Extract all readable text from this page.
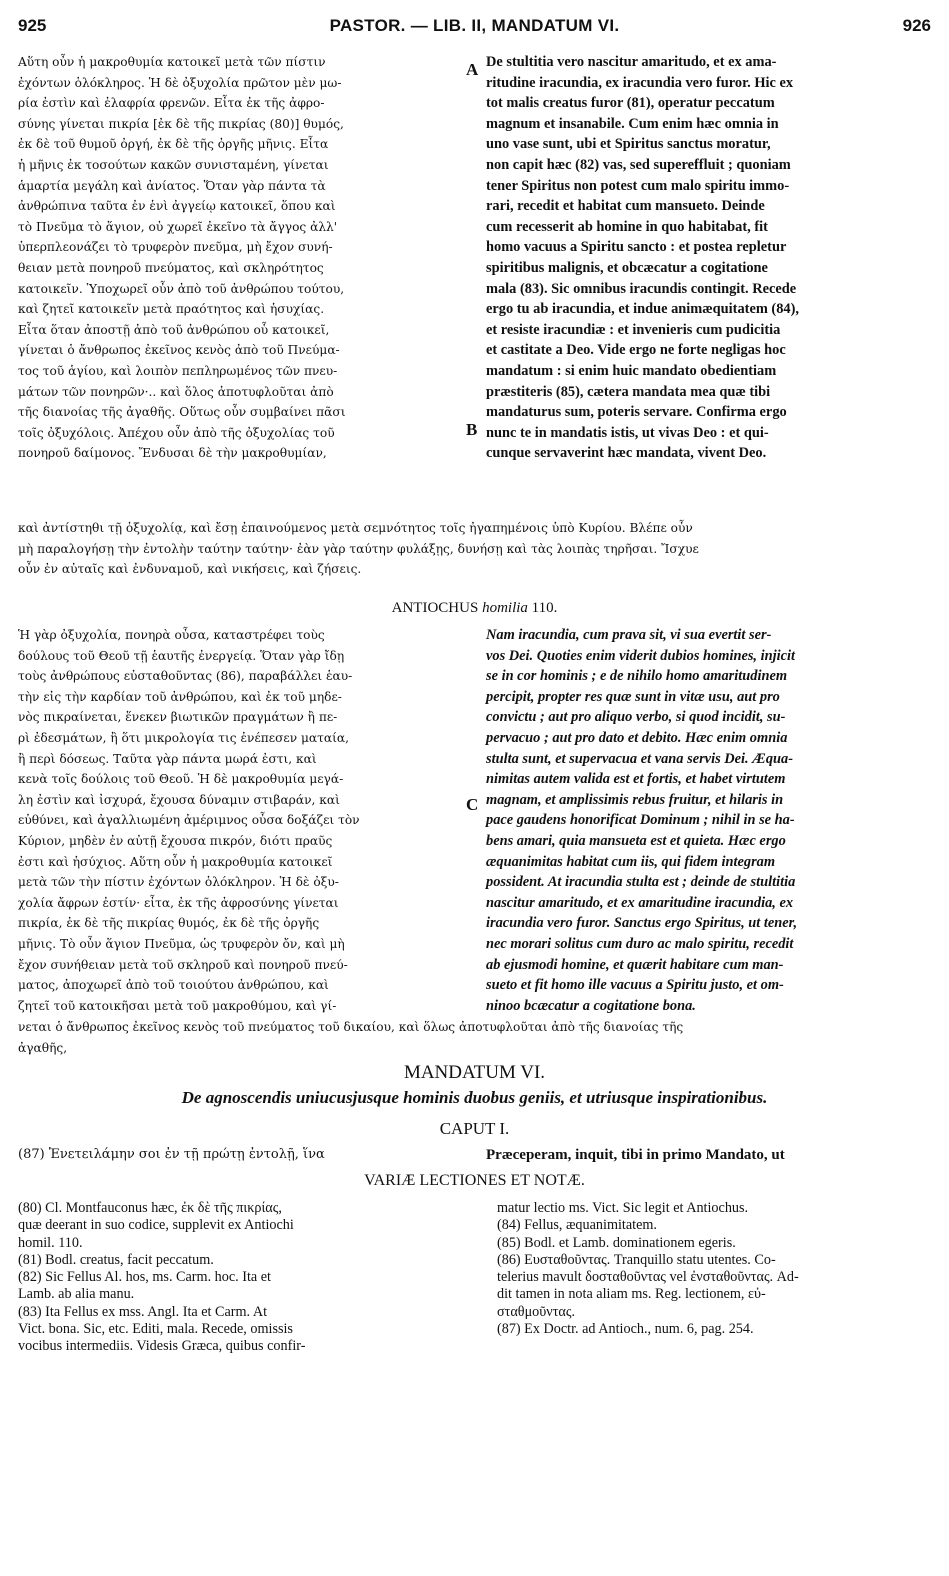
925	PASTOR. — LIB. II, MANDATUM VI.	926
Αὕτη οὖν ἡ μακροθυμία κατοικεῖ μετὰ τῶν πίστιν
ἐχόντων ὁλόκληρος. Ἡ δὲ ὀξυχολία πρῶτον μὲν μω-
ρία ἐστὶν καὶ ἐλαφρία φρενῶν. Εἶτα ἐκ τῆς ἀφρο-
σύνης γίνεται πικρία [ἐκ δὲ τῆς πικρίας (80)] θυμός,
ἐκ δὲ τοῦ θυμοῦ ὀργή, ἐκ δὲ τῆς ὀργῆς μῆνις. Εἶτα
ἡ μῆνις ἐκ τοσούτων κακῶν συνισταμένη, γίνεται
ἁμαρτία μεγάλη καὶ ἀνίατος. Ὅταν γὰρ πάντα τὰ
ἀνθρώπινα ταῦτα ἐν ἑνὶ ἀγγείῳ κατοικεῖ, ὅπου καὶ
τὸ Πνεῦμα τὸ ἅγιον, οὐ χωρεῖ ἐκεῖνο τὰ ἄγγος ἀλλ'
ὑπερπλεονάζει τὸ τρυφερὸν πνεῦμα, μὴ ἔχον συνή-
θειαν μετὰ πονηροῦ πνεύματος, καὶ σκληρότητος
κατοικεῖν. Ὑποχωρεῖ οὖν ἀπὸ τοῦ ἀνθρώπου τούτου,
καὶ ζητεῖ κατοικεῖν μετὰ πραότητος καὶ ἡσυχίας.
Εἶτα ὅταν ἀποστῇ ἀπὸ τοῦ ἀνθρώπου οὗ κατοικεῖ,
γίνεται ὁ ἄνθρωπος ἐκεῖνος κενὸς ἀπὸ τοῦ Πνεύμα-
τος τοῦ ἁγίου, καὶ λοιπὸν πεπληρωμένος τῶν πνευ-
μάτων τῶν πονηρῶν·.. καὶ ὅλος ἀποτυφλοῦται ἀπὸ
τῆς διανοίας τῆς ἀγαθῆς. Οὕτως οὖν συμβαίνει πᾶσι
τοῖς ὀξυχόλοις. Ἀπέχου οὖν ἀπὸ τῆς ὀξυχολίας τοῦ
πονηροῦ δαίμονος. Ἔνδυσαι δὲ τὴν μακροθυμίαν,
De stultitia vero nascitur amaritudo, et ex ama-
ritudine iracundia, ex iracundia vero furor. Hic ex
tot malis creatus furor (81), operatur peccatum
magnum et insanabile. Cum enim hæc omnia in
uno vase sunt, ubi et Spiritus sanctus moratur,
non capit hæc (82) vas, sed supereffluit ; quoniam
tener Spiritus non potest cum malo spiritu immo-
rari, recedit et habitat cum mansueto. Deinde
cum recesserit ab homine in quo habitabat, fit
homo vacuus a Spiritu sancto : et postea repletur
spiritibus malignis, et obcæcatur a cogitatione
mala (83). Sic omnibus iracundis contingit. Recede
ergo tu ab iracundia, et indue animæquitatem (84),
et resiste iracundiæ : et invenieris cum pudicitia
et castitate a Deo. Vide ergo ne forte negligas hoc
mandatum : si enim huic mandato obedientiam
præstiteris (85), cætera mandata mea quæ tibi
mandaturus sum, poteris servare. Confirma ergo
nunc te in mandatis istis, ut vivas Deo : et qui-
cunque servaverint hæc mandata, vivent Deo.
A
B
C
καὶ ἀντίστηθι τῇ ὀξυχολίᾳ, καὶ ἔσῃ ἐπαινούμενος μετὰ σεμνότητος τοῖς ἠγαπημένοις ὑπὸ Κυρίου. Βλέπε οὖν
μὴ παραλογήσῃ τὴν ἐντολὴν ταύτην ταύτην· ἐὰν γὰρ ταύτην φυλάξῃς, δυνήσῃ καὶ τὰς λοιπὰς τηρῆσαι. Ἴσχυε
οὖν ἐν αὐταῖς καὶ ἐνδυναμοῦ, καὶ νικήσεις, καὶ ζήσεις.
ANTIOCHUS homilia 110.
Ἡ γὰρ ὀξυχολία, πονηρὰ οὖσα, καταστρέφει τοὺς
δούλους τοῦ Θεοῦ τῇ ἑαυτῆς ἐνεργείᾳ. Ὅταν γὰρ ἴδῃ
τοὺς ἀνθρώπους εὐσταθοῦντας (86), παραβάλλει ἑαυ-
τὴν εἰς τὴν καρδίαν τοῦ ἀνθρώπου, καὶ ἐκ τοῦ μηδε-
νὸς πικραίνεται, ἕνεκεν βιωτικῶν πραγμάτων ἢ πε-
ρὶ ἐδεσμάτων, ἢ ὅτι μικρολογία τις ἐνέπεσεν ματαία,
ἢ περὶ δόσεως. Ταῦτα γὰρ πάντα μωρά ἐστι, καὶ
κενὰ τοῖς δούλοις τοῦ Θεοῦ. Ἡ δὲ μακροθυμία μεγά-
λη ἐστὶν καὶ ἰσχυρά, ἔχουσα δύναμιν στιβαράν, καὶ
εὐθύνει, καὶ ἀγαλλιωμένη ἀμέριμνος οὖσα δοξάζει τὸν
Κύριον, μηδὲν ἐν αὐτῇ ἔχουσα πικρόν, διότι πραῦς
ἐστι καὶ ἡσύχιος. Αὕτη οὖν ἡ μακροθυμία κατοικεῖ
μετὰ τῶν τὴν πίστιν ἐχόντων ὁλόκληρον. Ἡ δὲ ὀξυ-
χολία ἄφρων ἐστίν· εἶτα, ἐκ τῆς ἀφροσύνης γίνεται
πικρία, ἐκ δὲ τῆς πικρίας θυμός, ἐκ δὲ τῆς ὀργῆς
μῆνις. Τὸ οὖν ἅγιον Πνεῦμα, ὡς τρυφερὸν ὄν, καὶ μὴ
ἔχον συνήθειαν μετὰ τοῦ σκληροῦ καὶ πονηροῦ πνεύ-
ματος, ἀποχωρεῖ ἀπὸ τοῦ τοιούτου ἀνθρώπου, καὶ
ζητεῖ τοῦ κατοικῆσαι μετὰ τοῦ μακροθύμου, καὶ γί-
Nam iracundia, cum prava sit, vi sua evertit ser-
vos Dei. Quoties enim viderit dubios homines, injicit
se in cor hominis ; e de nihilo homo amaritudinem
percipit, propter res quæ sunt in vitæ usu, aut pro
convictu ; aut pro aliquo verbo, si quod incidit, su-
pervacuo ; aut pro dato et debito. Hæc enim omnia
stulta sunt, et supervacua et vana servis Dei. Æqua-
nimitas autem valida est et fortis, et habet virtutem
magnam, et amplissimis rebus fruitur, et hilaris in
pace gaudens honorificat Dominum ; nihil in se ha-
bens amari, quia mansueta est et quieta. Hæc ergo
æquanimitas habitat cum iis, qui fidem integram
possident. At iracundia stulta est ; deinde de stultitia
nascitur amaritudo, et ex amaritudine iracundia, ex
iracundia vero furor. Sanctus ergo Spiritus, ut tener,
nec morari solitus cum duro ac malo spiritu, recedit
ab ejusmodi homine, et quærit habitare cum man-
sueto et fit homo ille vacuus a Spiritu justo, et om-
ninoo bcæcatur a cogitatione bona.
νεται ὁ ἄνθρωπος ἐκεῖνος κενὸς τοῦ πνεύματος τοῦ δικαίου, καὶ ὅλως ἀποτυφλοῦται ἀπὸ τῆς διανοίας τῆς
ἀγαθῆς,
MANDATUM VI.
De agnoscendis uniucusjusque hominis duobus geniis, et utriusque inspirationibus.
CAPUT I.
(87) Ἐνετειλάμην σοι ἐν τῇ πρώτῃ ἐντολῇ, ἵνα	Præceperam, inquit, tibi in primo Mandato, ut
VARIÆ LECTIONES ET NOTÆ.
(80) Cl. Montfauconus hæc, ἐκ δὲ τῆς πικρίας,
quæ deerant in suo codice, supplevit ex Antiochi
homil. 110.
(81) Bodl. creatus, facit peccatum.
(82) Sic Fellus Al. hos, ms. Carm. hoc. Ita et
Lamb. ab alia manu.
(83) Ita Fellus ex mss. Angl. Ita et Carm. At
Vict. bona. Sic, etc. Editi, mala. Recede, omissis
vocibus intermediis. Videsis Græca, quibus confir-
matur lectio ms. Vict. Sic legit et Antiochus.
(84) Fellus, æquanimitatem.
(85) Bodl. et Lamb. dominationem egeris.
(86) Ευσταθοῦντας. Tranquillo statu utentes. Co-
telerius mavult δοσταθοῦντας vel ἐνσταθοῦντας. Ad-
dit tamen in nota aliam ms. Reg. lectionem, εὐ-
σταθμοῦντας.
(87) Ex Doctr. ad Antioch., num. 6, pag. 254.
